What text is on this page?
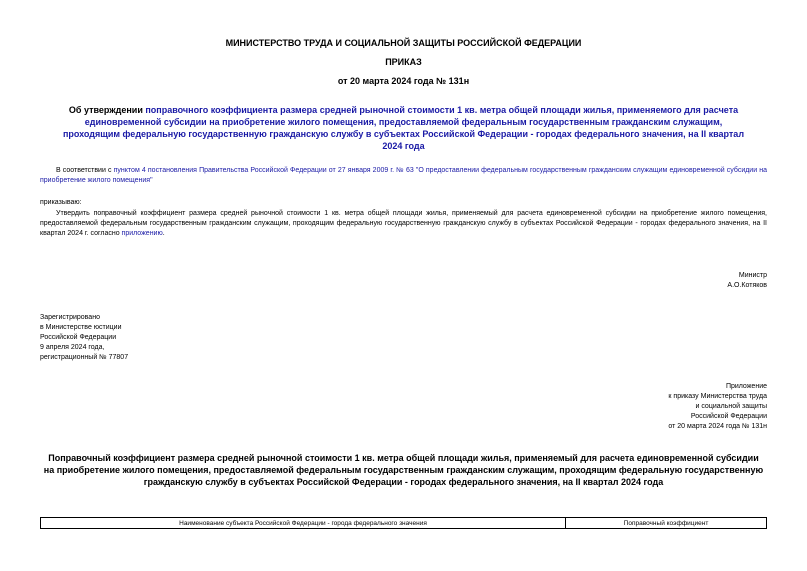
МИНИСТЕРСТВО ТРУДА И СОЦИАЛЬНОЙ ЗАЩИТЫ РОССИЙСКОЙ ФЕДЕРАЦИИ
ПРИКАЗ
от 20 марта 2024 года № 131н
Об утверждении поправочного коэффициента размера средней рыночной стоимости 1 кв. метра общей площади жилья, применяемого для расчета единовременной субсидии на приобретение жилого помещения, предоставляемой федеральным государственным гражданским служащим, проходящим федеральную государственную гражданскую службу в субъектах Российской Федерации - городах федерального значения, на II квартал 2024 года
В соответствии с пунктом 4 постановления Правительства Российской Федерации от 27 января 2009 г. № 63 "О предоставлении федеральным государственным гражданским служащим единовременной субсидии на приобретение жилого помещения"
приказываю:
Утвердить поправочный коэффициент размера средней рыночной стоимости 1 кв. метра общей площади жилья, применяемый для расчета единовременной субсидии на приобретение жилого помещения, предоставляемой федеральным государственным гражданским служащим, проходящим федеральную государственную гражданскую службу в субъектах Российской Федерации - городах федерального значения, на II квартал 2024 г. согласно приложению.
Министр
А.О.Котяков
Зарегистрировано
в Министерстве юстиции
Российской Федерации
9 апреля 2024 года,
регистрационный № 77807
Приложение
к приказу Министерства труда
и социальной защиты
Российской Федерации
от 20 марта 2024 года № 131н
Поправочный коэффициент размера средней рыночной стоимости 1 кв. метра общей площади жилья, применяемый для расчета единовременной субсидии на приобретение жилого помещения, предоставляемой федеральным государственным гражданским служащим, проходящим федеральную государственную гражданскую службу в субъектах Российской Федерации - городах федерального значения, на II квартал 2024 года
Наименование субъекта Российской Федерации - города федерального значения	Поправочный коэффициент
